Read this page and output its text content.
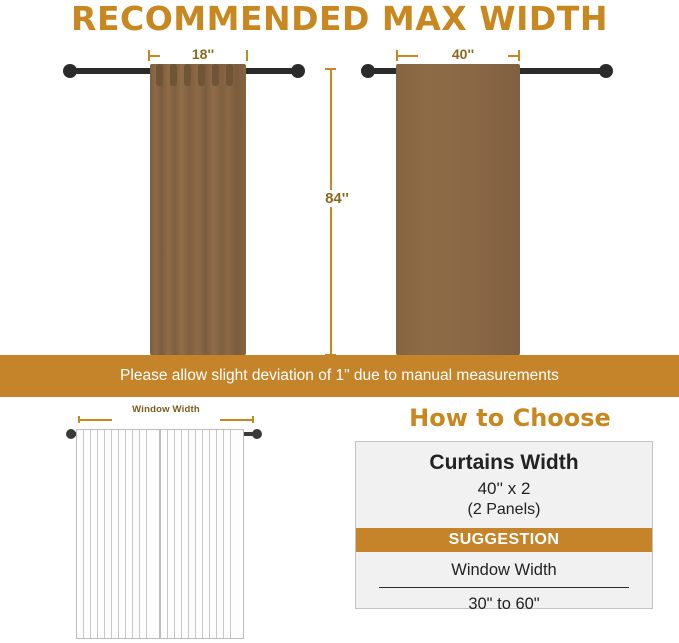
RECOMMENDED MAX WIDTH
18''	40''
84''
Please allow slight deviation of 1" due to manual measurements
Window Width	How to Choose
Curtains Width
40'' x 2
(2 Panels)
SUGGESTION
Window Width
30" to 60"
